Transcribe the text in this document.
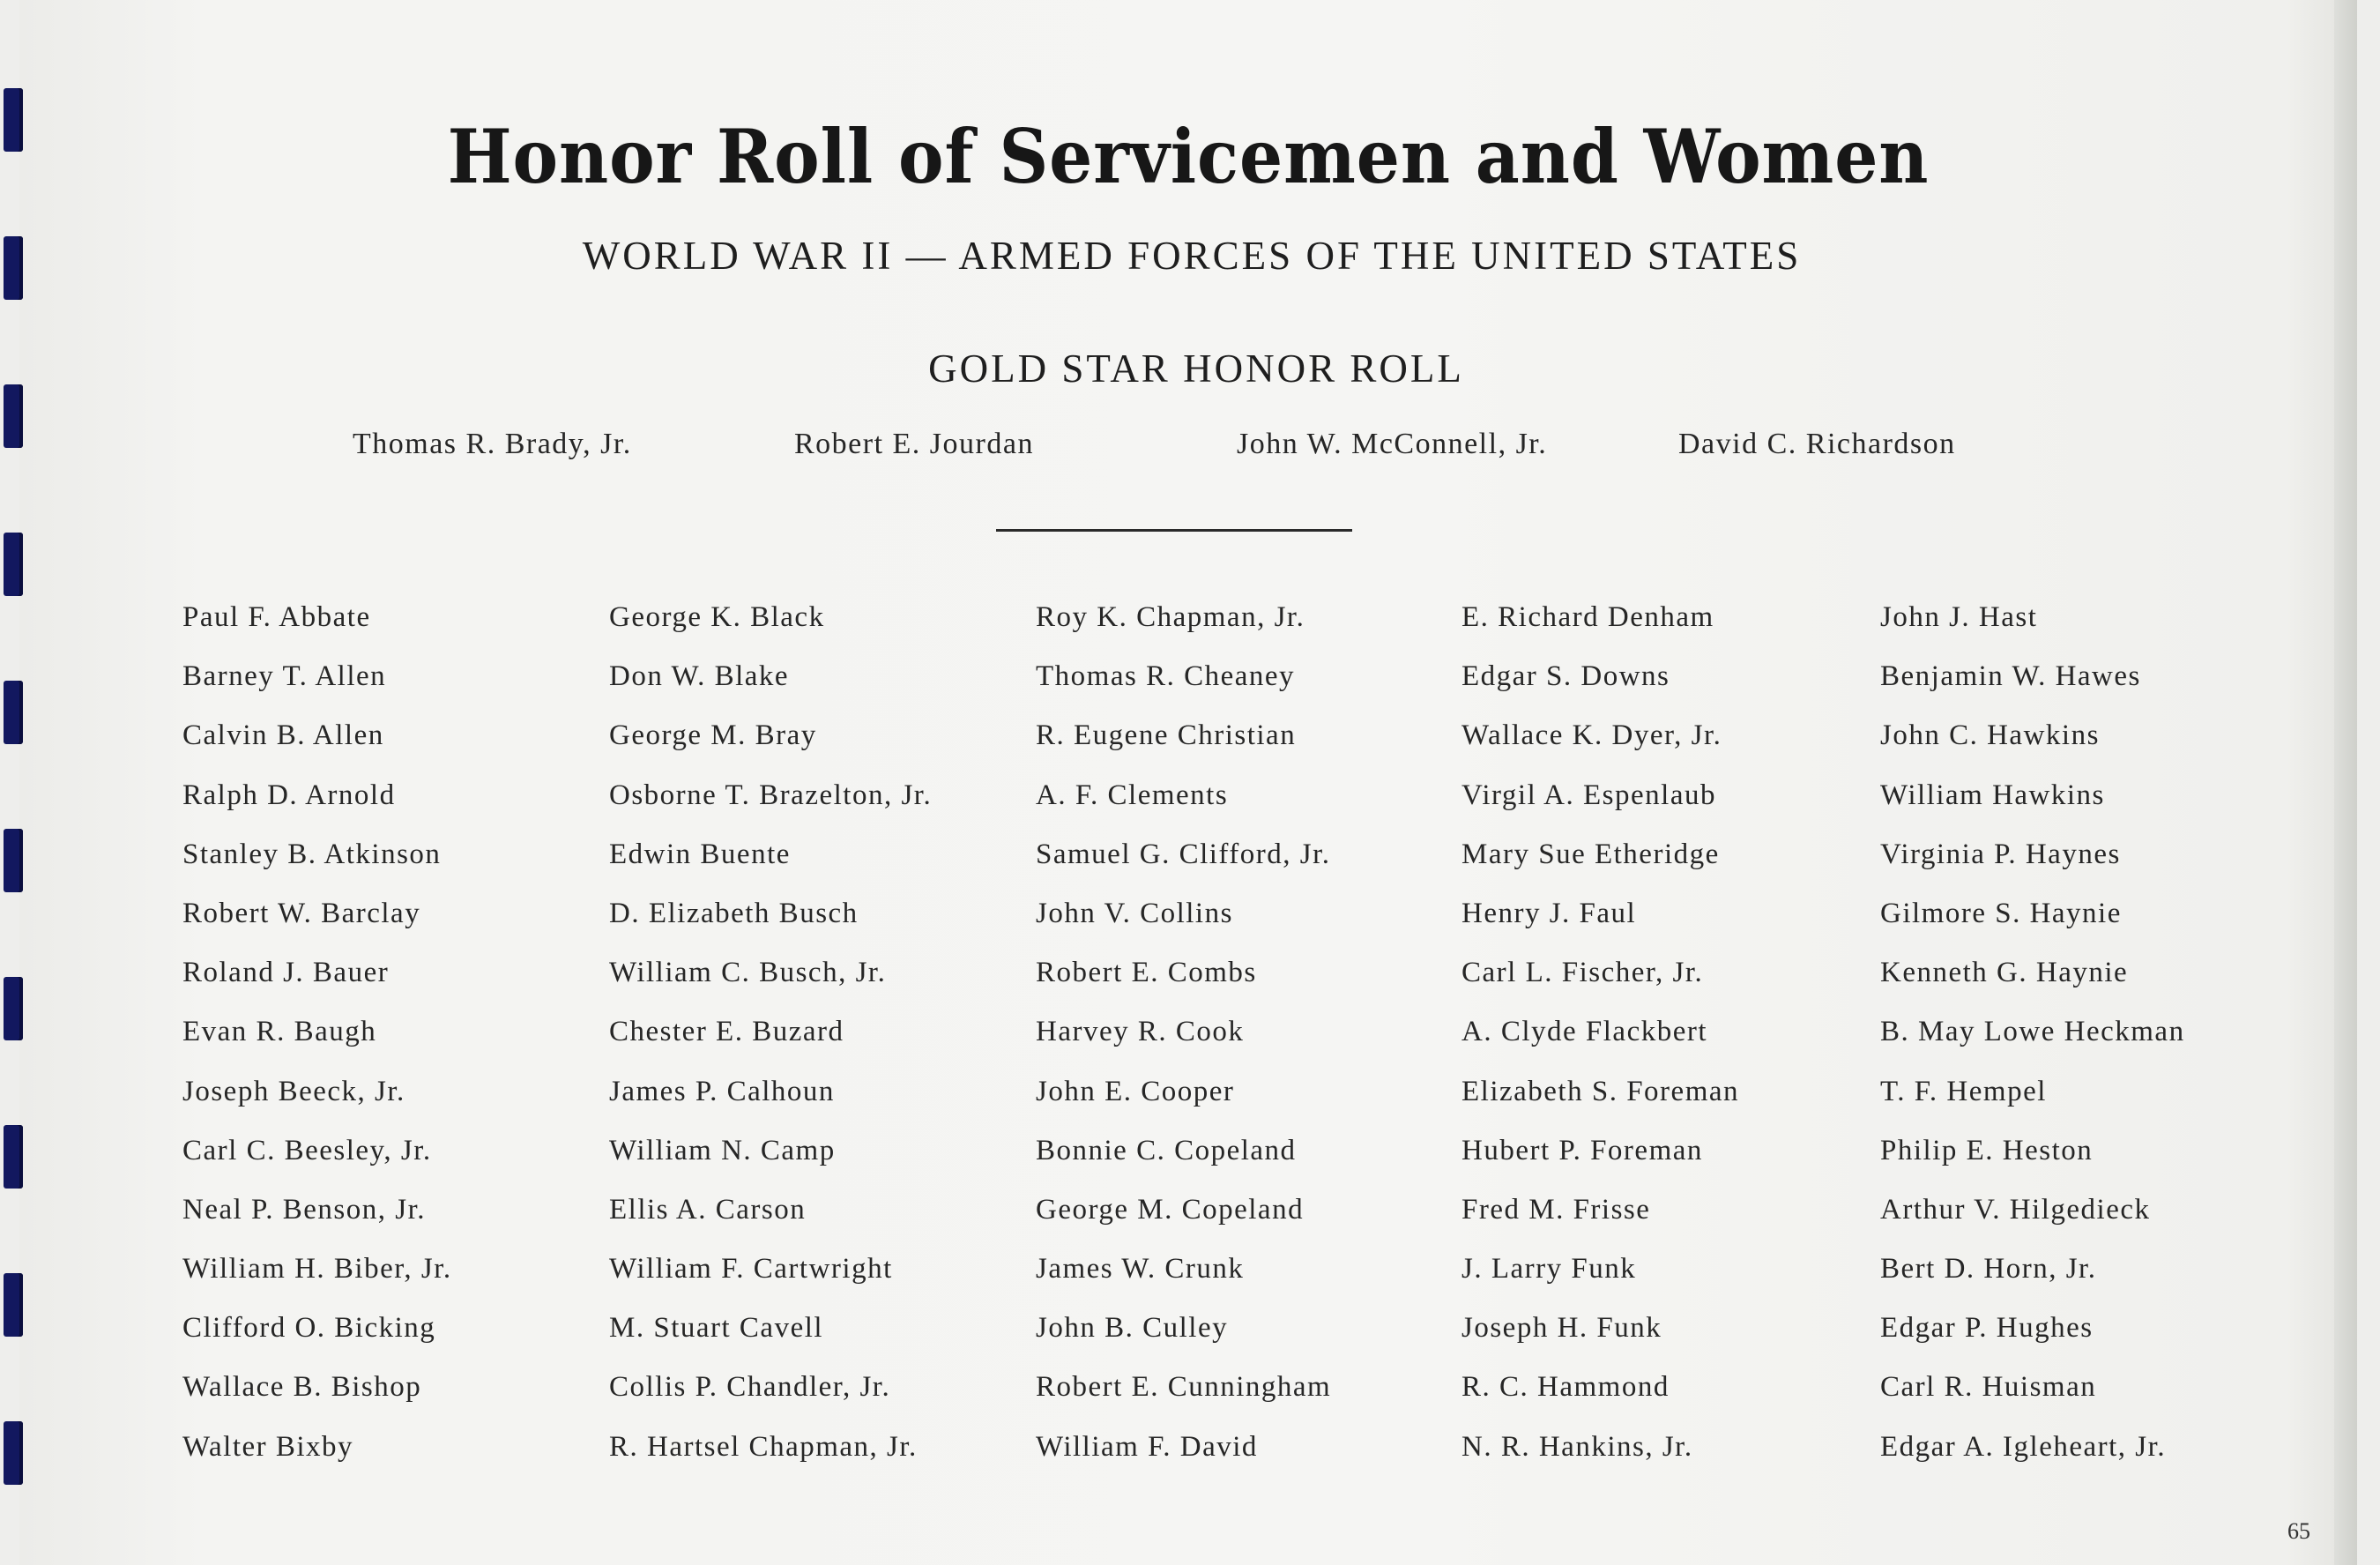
Honor Roll of Servicemen and Women
WORLD WAR II — ARMED FORCES OF THE UNITED STATES
GOLD STAR HONOR ROLL
Thomas R. Brady, Jr.	Robert E. Jourdan	John W. McConnell, Jr.	David C. Richardson
Paul F. Abbate
Barney T. Allen
Calvin B. Allen
Ralph D. Arnold
Stanley B. Atkinson
Robert W. Barclay
Roland J. Bauer
Evan R. Baugh
Joseph Beeck, Jr.
Carl C. Beesley, Jr.
Neal P. Benson, Jr.
William H. Biber, Jr.
Clifford O. Bicking
Wallace B. Bishop
Walter Bixby
George K. Black
Don W. Blake
George M. Bray
Osborne T. Brazelton, Jr.
Edwin Buente
D. Elizabeth Busch
William C. Busch, Jr.
Chester E. Buzard
James P. Calhoun
William N. Camp
Ellis A. Carson
William F. Cartwright
M. Stuart Cavell
Collis P. Chandler, Jr.
R. Hartsel Chapman, Jr.
Roy K. Chapman, Jr.
Thomas R. Cheaney
R. Eugene Christian
A. F. Clements
Samuel G. Clifford, Jr.
John V. Collins
Robert E. Combs
Harvey R. Cook
John E. Cooper
Bonnie C. Copeland
George M. Copeland
James W. Crunk
John B. Culley
Robert E. Cunningham
William F. David
E. Richard Denham
Edgar S. Downs
Wallace K. Dyer, Jr.
Virgil A. Espenlaub
Mary Sue Etheridge
Henry J. Faul
Carl L. Fischer, Jr.
A. Clyde Flackbert
Elizabeth S. Foreman
Hubert P. Foreman
Fred M. Frisse
J. Larry Funk
Joseph H. Funk
R. C. Hammond
N. R. Hankins, Jr.
John J. Hast
Benjamin W. Hawes
John C. Hawkins
William Hawkins
Virginia P. Haynes
Gilmore S. Haynie
Kenneth G. Haynie
B. May Lowe Heckman
T. F. Hempel
Philip E. Heston
Arthur V. Hilgedieck
Bert D. Horn, Jr.
Edgar P. Hughes
Carl R. Huisman
Edgar A. Igleheart, Jr.
65
